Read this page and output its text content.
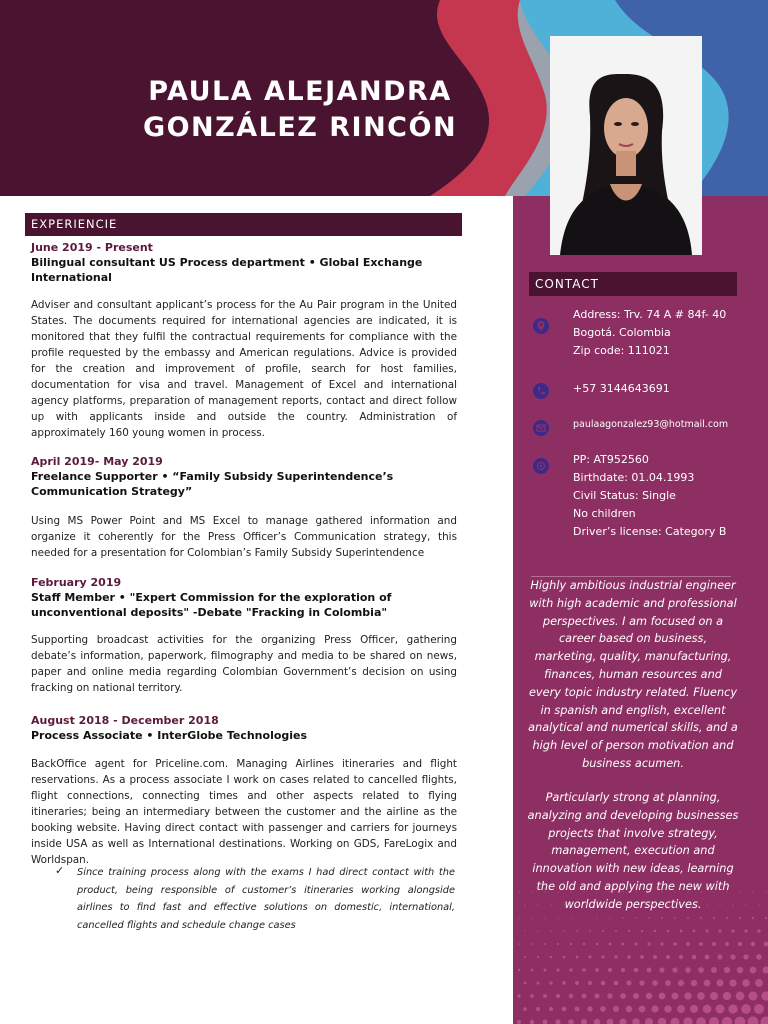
PAULA ALEJANDRA
GONZÁLEZ RINCÓN
CONTACT
Address: Trv. 74 A # 84f- 40
Bogotá. Colombia
Zip code: 111021
+57 3144643691
paulaagonzalez93@hotmail.com
PP: AT952560
Birthdate: 01.04.1993
Civil Status: Single
No children
Driver’s license: Category B
Highly ambitious industrial engineer with high academic and professional perspectives. I am focused on a career based on business, marketing, quality, manufacturing, finances, human resources and every topic industry related. Fluency in spanish and english, excellent analytical and numerical skills, and a high level of person motivation and business acumen.
Particularly strong at planning, analyzing and developing businesses projects that involve strategy, management, execution and innovation with new ideas, learning the old and applying the new with worldwide perspectives.
EXPERIENCIE
June 2019 - Present
Bilingual consultant US Process department • Global Exchange International
Adviser and consultant applicant’s process for the Au Pair program in the United States. The documents required for international agencies are indicated, it is monitored that they fulfil the contractual requirements for compliance with the profile requested by the embassy and American regulations. Advice is provided for the creation and improvement of profile, search for host families, documentation for visa and travel. Management of Excel and international agency platforms, preparation of management reports, contact and direct follow up with applicants inside and outside the country. Administration of approximately 160 young women in process.
April 2019- May 2019
Freelance Supporter • “Family Subsidy Superintendence’s Communication Strategy”
Using MS Power Point and MS Excel to manage gathered information and organize it coherently for the Press Officer’s Communication strategy, this needed for a presentation for Colombian’s Family Subsidy Superintendence
February 2019
Staff Member • "Expert Commission for the exploration of unconventional deposits" -Debate "Fracking in Colombia"
Supporting broadcast activities for the organizing Press Officer, gathering debate’s information, paperwork, filmography and media to be shared on news, paper and online media regarding Colombian Government’s decision on using fracking on national territory.
August 2018 - December 2018
Process Associate • InterGlobe Technologies
BackOffice agent for Priceline.com. Managing Airlines itineraries and flight reservations. As a process associate I work on cases related to cancelled flights, flight connections, connecting times and other aspects related to flying itineraries; being an intermediary between the customer and the airline as the booking website. Having direct contact with passenger and carriers for journeys inside USA as well as International destinations. Working on GDS, FareLogix and Worldspan.
✓ Since training process along with the exams I had direct contact with the product, being responsible of customer’s itineraries working alongside airlines to find fast and effective solutions on domestic, international, cancelled flights and schedule change cases
